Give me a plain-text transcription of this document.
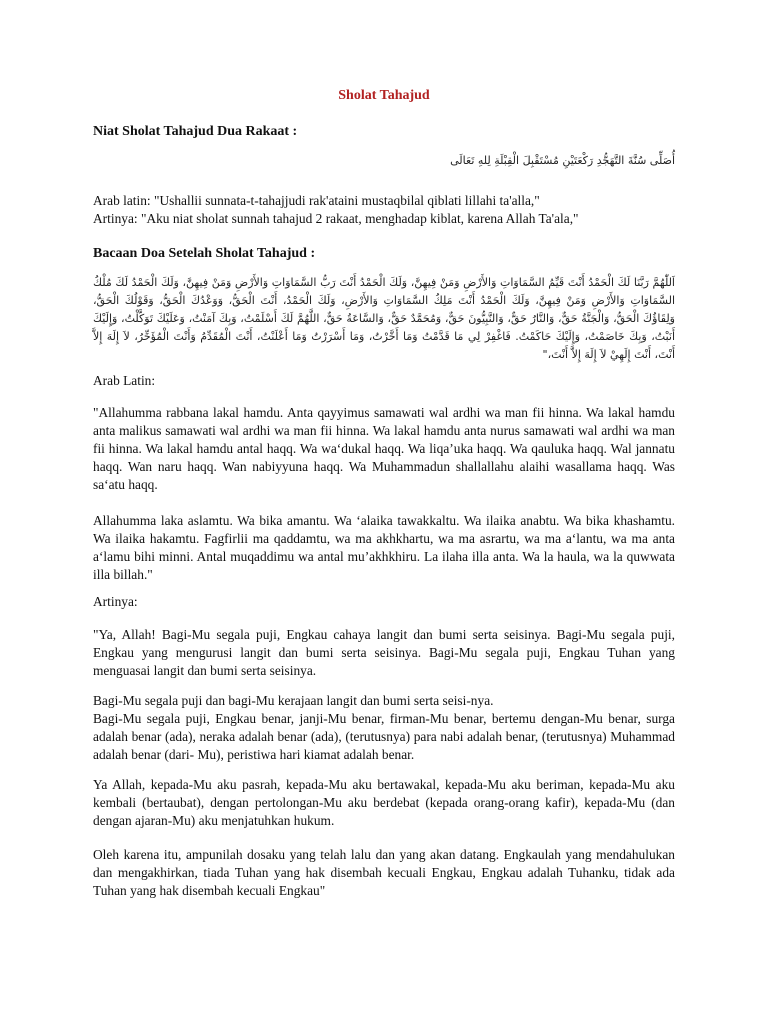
Sholat Tahajud
Niat Sholat Tahajud Dua Rakaat :
أُصَلِّى سُنَّةَ التَّهَجُّدِ رَكْعَتَيْنِ مُسْتَقْبِلَ الْقِبْلَةِ لِلهِ تَعَالَى
Arab latin: "Ushallii sunnata-t-tahajjudi rak'ataini mustaqbilal qiblati lillahi ta'alla,"
Artinya: "Aku niat sholat sunnah tahajud 2 rakaat, menghadap kiblat, karena Allah Ta'ala,"
Bacaan Doa Setelah Sholat Tahajud :
اَللّٰهُمَّ رَبَّنَا لَكَ الْحَمْدُ أَنْتَ قَيِّمُ السَّمَاوَاتِ وَالأَرْضِ وَمَنْ فِيهِنَّ، وَلَكَ الْحَمْدُ أَنْتَ رَبُّ السَّمَاوَاتِ وَالأَرْضِ وَمَنْ فِيهِنَّ، وَلَكَ الْحَمْدُ لَكَ مُلْكُ السَّمَاوَاتِ وَالأَرْضِ وَمَنْ فِيهِنَّ، وَلَكَ الْحَمْدُ أَنْتَ مَلِكُ السَّمَاوَاتِ وَالأَرْضِ، وَلَكَ الْحَمْدُ، أَنْتَ الْحَقُّ، وَوَعْدُكَ الْحَقُّ، وَقَوْلُكَ الْحَقُّ، وَلِقَاؤُكَ الْحَقُّ، وَالْجَنَّةُ حَقٌّ، وَالنَّارُ حَقٌّ، وَالنَّبِيُّونَ حَقٌّ، وَمُحَمَّدٌ حَقٌّ، وَالسَّاعَةُ حَقٌّ، اللَّهُمَّ لَكَ أَسْلَمْتُ، وَبِكَ آمَنْتُ، وَعَلَيْكَ تَوَكَّلْتُ، وَإِلَيْكَ أَنَبْتُ، وَبِكَ خَاصَمْتُ، وَإِلَيْكَ حَاكَمْتُ. فَاغْفِرْ لِي مَا قَدَّمْتُ وَمَا أَخَّرْتُ، وَمَا أَسْرَرْتُ وَمَا أَعْلَنْتُ، أَنْتَ الْمُقَدِّمُ وَأَنْتَ الْمُؤَخِّرُ، لاَ إِلَهَ إِلاَّ أَنْتَ، أَنْتَ إِلَهِيْ لاَ إِلَهَ إِلاَّ أَنْتَ،"
Arab Latin:
"Allahumma rabbana lakal hamdu. Anta qayyimus samawati wal ardhi wa man fii hinna. Wa lakal hamdu anta malikus samawati wal ardhi wa man fii hinna. Wa lakal hamdu anta nurus samawati wal ardhi wa man fii hinna. Wa lakal hamdu antal haqq. Wa wa‘dukal haqq. Wa liqa’uka haqq. Wa qauluka haqq. Wal jannatu haqq. Wan naru haqq. Wan nabiyyuna haqq. Wa Muhammadun shallallahu alaihi wasallama haqq. Was sa‘atu haqq.
Allahumma laka aslamtu. Wa bika amantu. Wa ‘alaika tawakkaltu. Wa ilaika anabtu. Wa bika khashamtu. Wa ilaika hakamtu. Fagfirlii ma qaddamtu, wa ma akhkhartu, wa ma asrartu, wa ma a‘lantu, wa ma anta a‘lamu bihi minni. Antal muqaddimu wa antal mu’akhkhiru. La ilaha illa anta. Wa la haula, wa la quwwata illa billah."
Artinya:
"Ya, Allah! Bagi-Mu segala puji, Engkau cahaya langit dan bumi serta seisinya. Bagi-Mu segala puji, Engkau yang mengurusi langit dan bumi serta seisinya. Bagi-Mu segala puji, Engkau Tuhan yang menguasai langit dan bumi serta seisinya.
Bagi-Mu segala puji dan bagi-Mu kerajaan langit dan bumi serta seisi-nya.
Bagi-Mu segala puji, Engkau benar, janji-Mu benar, firman-Mu benar, bertemu dengan-Mu benar, surga adalah benar (ada), neraka adalah benar (ada), (terutusnya) para nabi adalah benar, (terutusnya) Muhammad adalah benar (dari- Mu), peristiwa hari kiamat adalah benar.
Ya Allah, kepada-Mu aku pasrah, kepada-Mu aku bertawakal, kepada-Mu aku beriman, kepada-Mu aku kembali (bertaubat), dengan pertolongan-Mu aku berdebat (kepada orang-orang kafir), kepada-Mu (dan dengan ajaran-Mu) aku menjatuhkan hukum.
Oleh karena itu, ampunilah dosaku yang telah lalu dan yang akan datang. Engkaulah yang mendahulukan dan mengakhirkan, tiada Tuhan yang hak disembah kecuali Engkau, Engkau adalah Tuhanku, tidak ada Tuhan yang hak disembah kecuali Engkau"
